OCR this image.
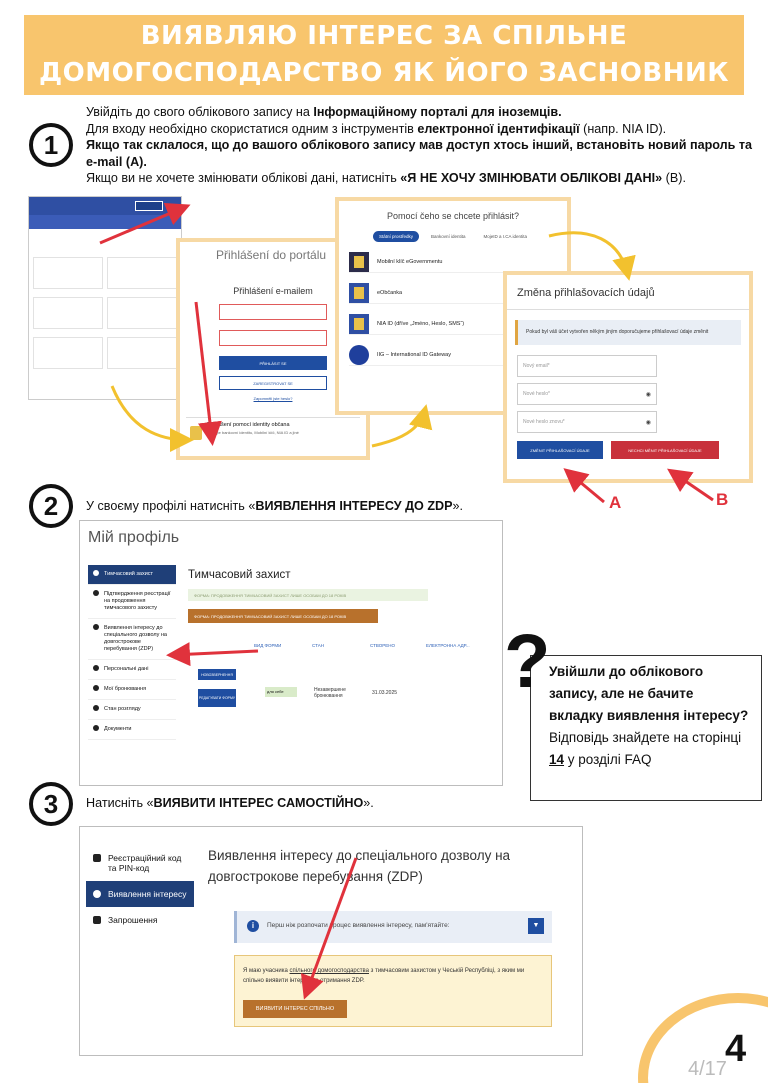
ВИЯВЛЯЮ ІНТЕРЕС ЗА СПІЛЬНЕ
ДОМОГОСПОДАРСТВО ЯК ЙОГО ЗАСНОВНИК
1

Увійдіть до свого облікового запису на Інформаційному порталі для іноземців.

Для входу необхідно скористатися одним з інструментів електронної ідентифікації (напр. NIA ID).

Якщо так склалося, що до вашого облікового запису мав доступ хтось інший, встановіть новий пароль та e-mail (А).

Якщо ви не хочете змінювати облікові дані, натисніть «Я НЕ ХОЧУ ЗМІНЮВАТИ ОБЛІКОВІ ДАНІ» (В).

Přihlášení do portálu
Přihlášení e-mailem
PŘIHLÁSIT SE
ZAREGISTROVAT SE
Zapomněli jste heslo?
Přihlášení pomocí identity občana
Využijte bankovní identitu, Mobilní klíč, NIA ID a jiné
Pomocí čeho se chcete přihlásit?
Státní prostředky	Bankovní identita	MojeID a I.CA identita
Mobilní klíč eGovernmentu
eObčanka
NIA ID (dříve „Jméno, Heslo, SMS“)
IIG – International ID Gateway
Změna přihlašovacích údajů
Pokud byl váš účet vytvořen někým jiným doporučujeme přihlašovací údaje změnit
Nový email*
Nové heslo*	◉
Nové heslo znovu*	◉
ZMĚNIT PŘIHLAŠOVACÍ ÚDAJE	NECHCI MĚNIT PŘIHLAŠOVACÍ ÚDAJE
A	B
2 У своєму профілі натисніть «ВИЯВЛЕННЯ ІНТЕРЕСУ ДО ZDP».
Мій профіль
Тимчасовий захист
Підтвердження реєстрації на продовження тимчасового захисту
Виявлення інтересу до спеціального дозволу на довгострокове перебування (ZDP)
Персональні дані
Мої бронювання
Стан розгляду
Документи
Тимчасовий захист
ФОРМА: ПРОДОВЖЕННЯ ТИМЧАСОВИЙ ЗАХИСТ ЛИШЕ ОСОБАМ ДО 18 РОКІВ
ФОРМА: ПРОДОВЖЕННЯ ТИМЧАСОВИЙ ЗАХИСТ ЛИШЕ ОСОБАМ ДО 18 РОКІВ
ВИД ФОРМИ	СТАН	СТВОРЕНО	ЕЛЕКТРОННА АДР...
НОВОЗВЕРНЕННЯ
РЕДАГУВАТИ ФОРМУ
для себе	Незавершене бронювання	31.03.2025 ?
Увійшли до облікового запису, але не бачите вкладку виявлення інтересу?
Відповідь знайдете на сторінці 14 у розділі FAQ
3 Натисніть «ВИЯВИТИ ІНТЕРЕС САМОСТІЙНО».
Реєстраційний код та PIN-код
Виявлення інтересу
Запрошення
Виявлення інтересу до спеціального дозволу на довгострокове перебування (ZDP)
i	Перш ніж розпочати процес виявлення інтересу, пам'ятайте:	▼
Я маю учасника спільного домогосподарства з тимчасовим захистом у Чеській Республіці, з яким ми спільно виявити інтерес до отримання ZDP.
ВИЯВИТИ ІНТЕРЕС СПІЛЬНО
4/17
4
